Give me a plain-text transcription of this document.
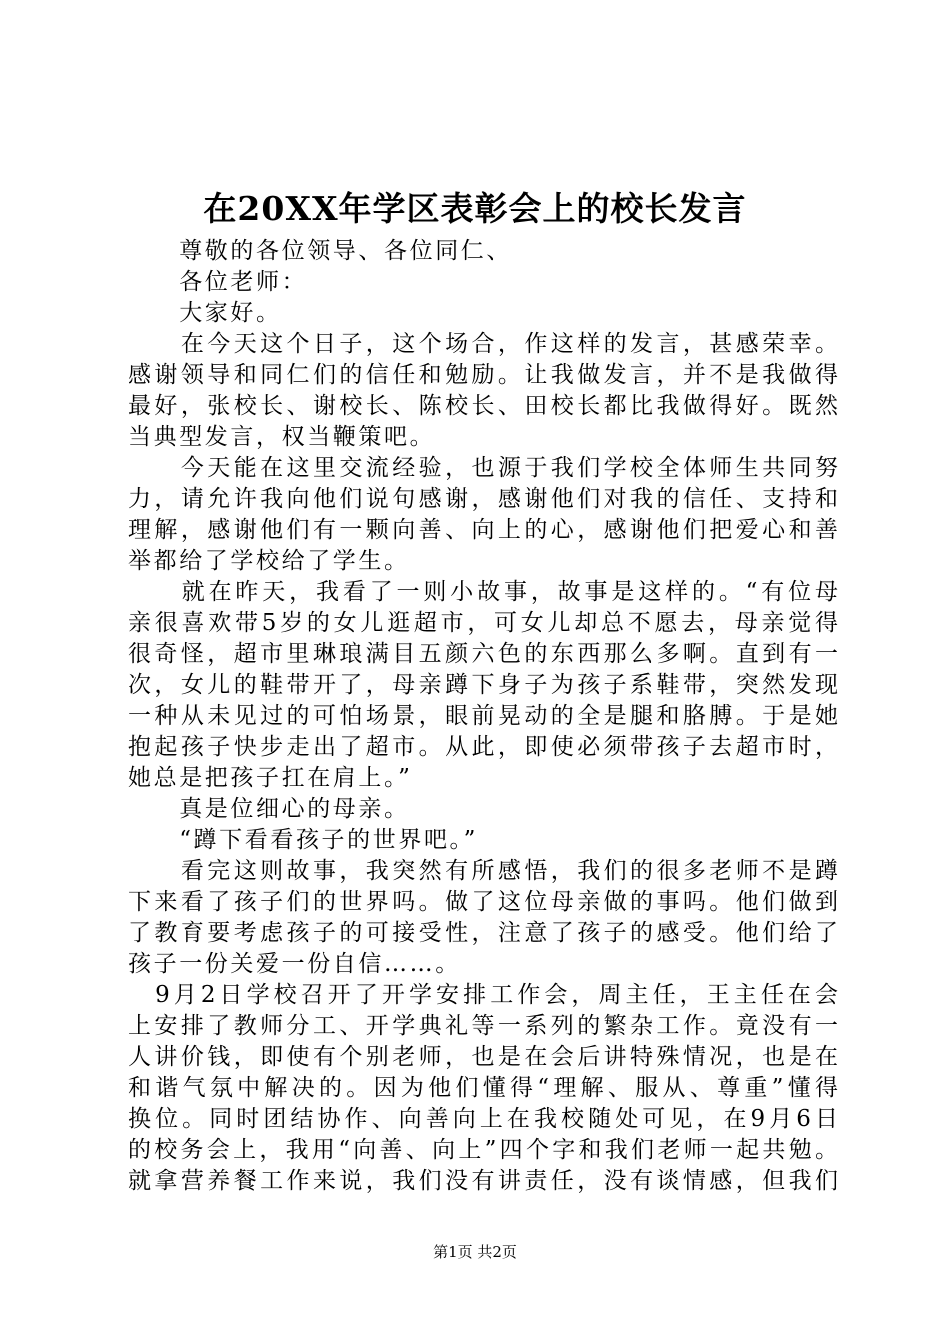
在20XX年学区表彰会上的校长发言
　　尊敬的各位领导、各位同仁、
　　各位老师：
　　大家好。
　　在今天这个日子，这个场合，作这样的发言，甚感荣幸。
感谢领导和同仁们的信任和勉励。让我做发言，并不是我做得
最好，张校长、谢校长、陈校长、田校长都比我做得好。既然
当典型发言，权当鞭策吧。
　　今天能在这里交流经验，也源于我们学校全体师生共同努
力，请允许我向他们说句感谢，感谢他们对我的信任、支持和
理解，感谢他们有一颗向善、向上的心，感谢他们把爱心和善
举都给了学校给了学生。
　　就在昨天，我看了一则小故事，故事是这样的。“有位母
亲很喜欢带5岁的女儿逛超市，可女儿却总不愿去，母亲觉得
很奇怪，超市里琳琅满目五颜六色的东西那么多啊。直到有一
次，女儿的鞋带开了，母亲蹲下身子为孩子系鞋带，突然发现
一种从未见过的可怕场景，眼前晃动的全是腿和胳膊。于是她
抱起孩子快步走出了超市。从此，即使必须带孩子去超市时，
她总是把孩子扛在肩上。”
　　真是位细心的母亲。
　　“蹲下看看孩子的世界吧。”
　　看完这则故事，我突然有所感悟，我们的很多老师不是蹲
下来看了孩子们的世界吗。做了这位母亲做的事吗。他们做到
了教育要考虑孩子的可接受性，注意了孩子的感受。他们给了
孩子一份关爱一份自信……。
　9月2日学校召开了开学安排工作会，周主任，王主任在会
上安排了教师分工、开学典礼等一系列的繁杂工作。竟没有一
人讲价钱，即使有个别老师，也是在会后讲特殊情况，也是在
和谐气氛中解决的。因为他们懂得“理解、服从、尊重”懂得
换位。同时团结协作、向善向上在我校随处可见，在9月6日
的校务会上，我用“向善、向上”四个字和我们老师一起共勉。
就拿营养餐工作来说，我们没有讲责任，没有谈情感，但我们
第1页 共2页
